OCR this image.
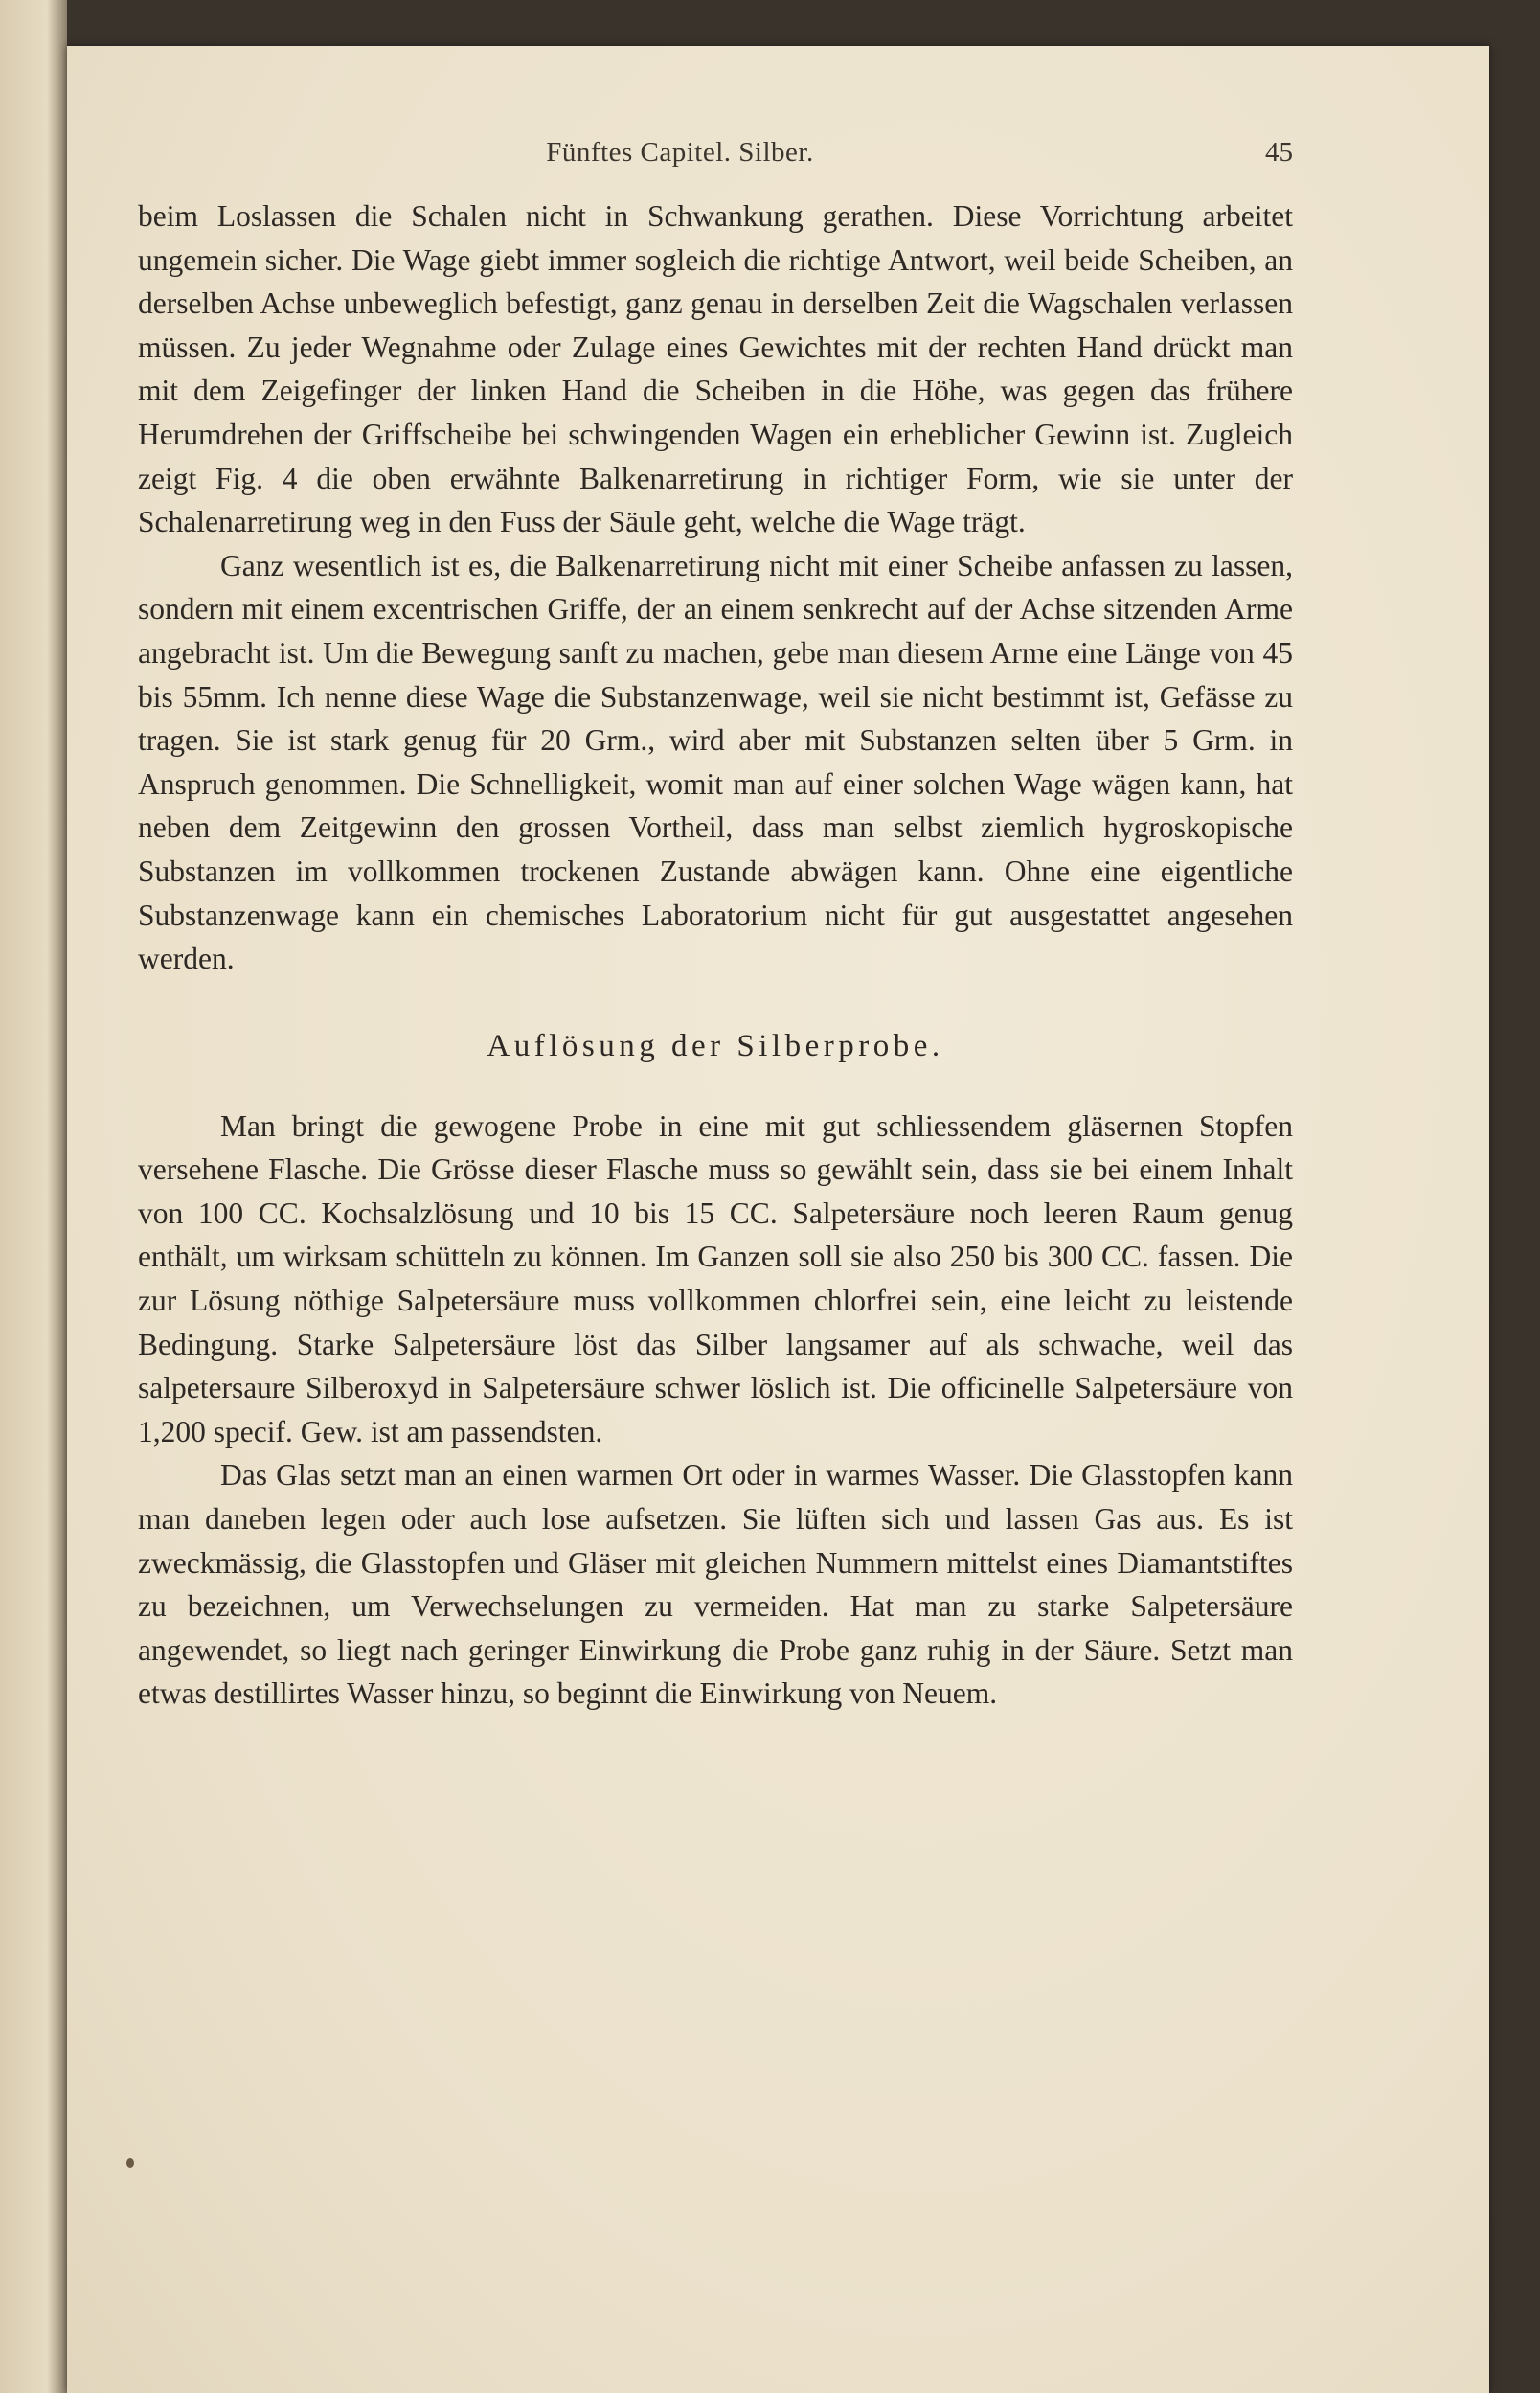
Fünftes Capitel. Silber.	45

beim Loslassen die Schalen nicht in Schwankung gerathen. Diese Vorrichtung arbeitet ungemein sicher. Die Wage giebt immer sogleich die richtige Antwort, weil beide Scheiben, an derselben Achse unbeweglich befestigt, ganz genau in derselben Zeit die Wagschalen verlassen müssen. Zu jeder Wegnahme oder Zulage eines Gewichtes mit der rechten Hand drückt man mit dem Zeigefinger der linken Hand die Scheiben in die Höhe, was gegen das frühere Herumdrehen der Griffscheibe bei schwingenden Wagen ein erheblicher Gewinn ist. Zugleich zeigt Fig. 4 die oben erwähnte Balkenarretirung in richtiger Form, wie sie unter der Schalenarretirung weg in den Fuss der Säule geht, welche die Wage trägt.

Ganz wesentlich ist es, die Balkenarretirung nicht mit einer Scheibe anfassen zu lassen, sondern mit einem excentrischen Griffe, der an einem senkrecht auf der Achse sitzenden Arme angebracht ist. Um die Bewegung sanft zu machen, gebe man diesem Arme eine Länge von 45 bis 55mm. Ich nenne diese Wage die Substanzenwage, weil sie nicht bestimmt ist, Gefässe zu tragen. Sie ist stark genug für 20 Grm., wird aber mit Substanzen selten über 5 Grm. in Anspruch genommen. Die Schnelligkeit, womit man auf einer solchen Wage wägen kann, hat neben dem Zeitgewinn den grossen Vortheil, dass man selbst ziemlich hygroskopische Substanzen im vollkommen trockenen Zustande abwägen kann. Ohne eine eigentliche Substanzenwage kann ein chemisches Laboratorium nicht für gut ausgestattet angesehen werden.

Auflösung der Silberprobe.

Man bringt die gewogene Probe in eine mit gut schliessendem gläsernen Stopfen versehene Flasche. Die Grösse dieser Flasche muss so gewählt sein, dass sie bei einem Inhalt von 100 CC. Kochsalzlösung und 10 bis 15 CC. Salpetersäure noch leeren Raum genug enthält, um wirksam schütteln zu können. Im Ganzen soll sie also 250 bis 300 CC. fassen. Die zur Lösung nöthige Salpetersäure muss vollkommen chlorfrei sein, eine leicht zu leistende Bedingung. Starke Salpetersäure löst das Silber langsamer auf als schwache, weil das salpetersaure Silberoxyd in Salpetersäure schwer löslich ist. Die officinelle Salpetersäure von 1,200 specif. Gew. ist am passendsten.

Das Glas setzt man an einen warmen Ort oder in warmes Wasser. Die Glasstopfen kann man daneben legen oder auch lose aufsetzen. Sie lüften sich und lassen Gas aus. Es ist zweckmässig, die Glasstopfen und Gläser mit gleichen Nummern mittelst eines Diamantstiftes zu bezeichnen, um Verwechselungen zu vermeiden. Hat man zu starke Salpetersäure angewendet, so liegt nach geringer Einwirkung die Probe ganz ruhig in der Säure. Setzt man etwas destillirtes Wasser hinzu, so beginnt die Einwirkung von Neuem.
